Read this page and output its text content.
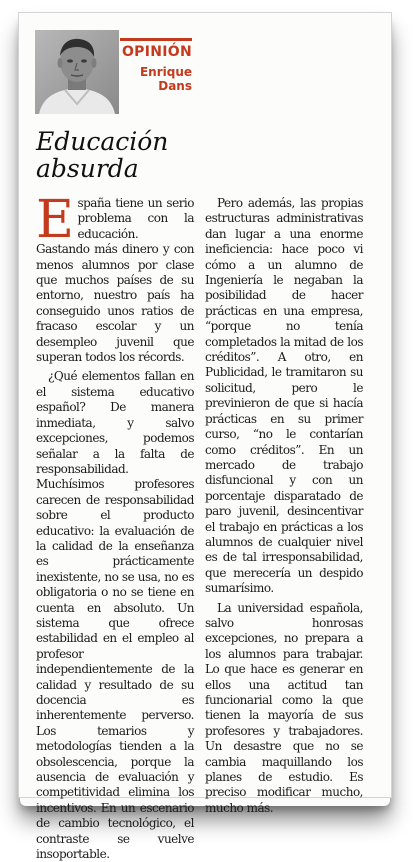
OPINIÓN
Enrique
Dans
Educación
absurda

España tiene un serio problema con la educación. Gastando más dinero y con menos alumnos por clase que muchos países de su entorno, nuestro país ha conseguido unos ratios de fracaso escolar y un desempleo juvenil que superan todos los récords.

¿Qué elementos fallan en el sistema educativo español? De manera inmediata, y salvo excepciones, podemos señalar a la falta de responsabilidad. Muchísimos profesores carecen de responsabilidad sobre el producto educativo: la evaluación de la calidad de la enseñanza es prácticamente inexistente, no se usa, no es obligatoria o no se tiene en cuenta en absoluto. Un sistema que ofrece estabilidad en el empleo al profesor independientemente de la calidad y resultado de su docencia es inherentemente perverso. Los temarios y metodologías tienden a la obsolescencia, porque la ausencia de evaluación y competitividad elimina los incentivos. En un escenario de cambio tecnológico, el contraste se vuelve insoportable.

Pero además, las propias estructuras administrativas dan lugar a una enorme ineficiencia: hace poco vi cómo a un alumno de Ingeniería le negaban la posibilidad de hacer prácticas en una empresa, “porque no tenía completados la mitad de los créditos”. A otro, en Publicidad, le tramitaron su solicitud, pero le previnieron de que si hacía prácticas en su primer curso, “no le contarían como créditos”. En un mercado de trabajo disfuncional y con un porcentaje disparatado de paro juvenil, desincentivar el trabajo en prácticas a los alumnos de cualquier nivel es de tal irresponsabilidad, que merecería un despido sumarísimo.

La universidad española, salvo honrosas excepciones, no prepara a los alumnos para trabajar. Lo que hace es generar en ellos una actitud tan funcionarial como la que tienen la mayoría de sus profesores y trabajadores. Un desastre que no se cambia maquillando los planes de estudio. Es preciso modificar mucho, mucho más.
